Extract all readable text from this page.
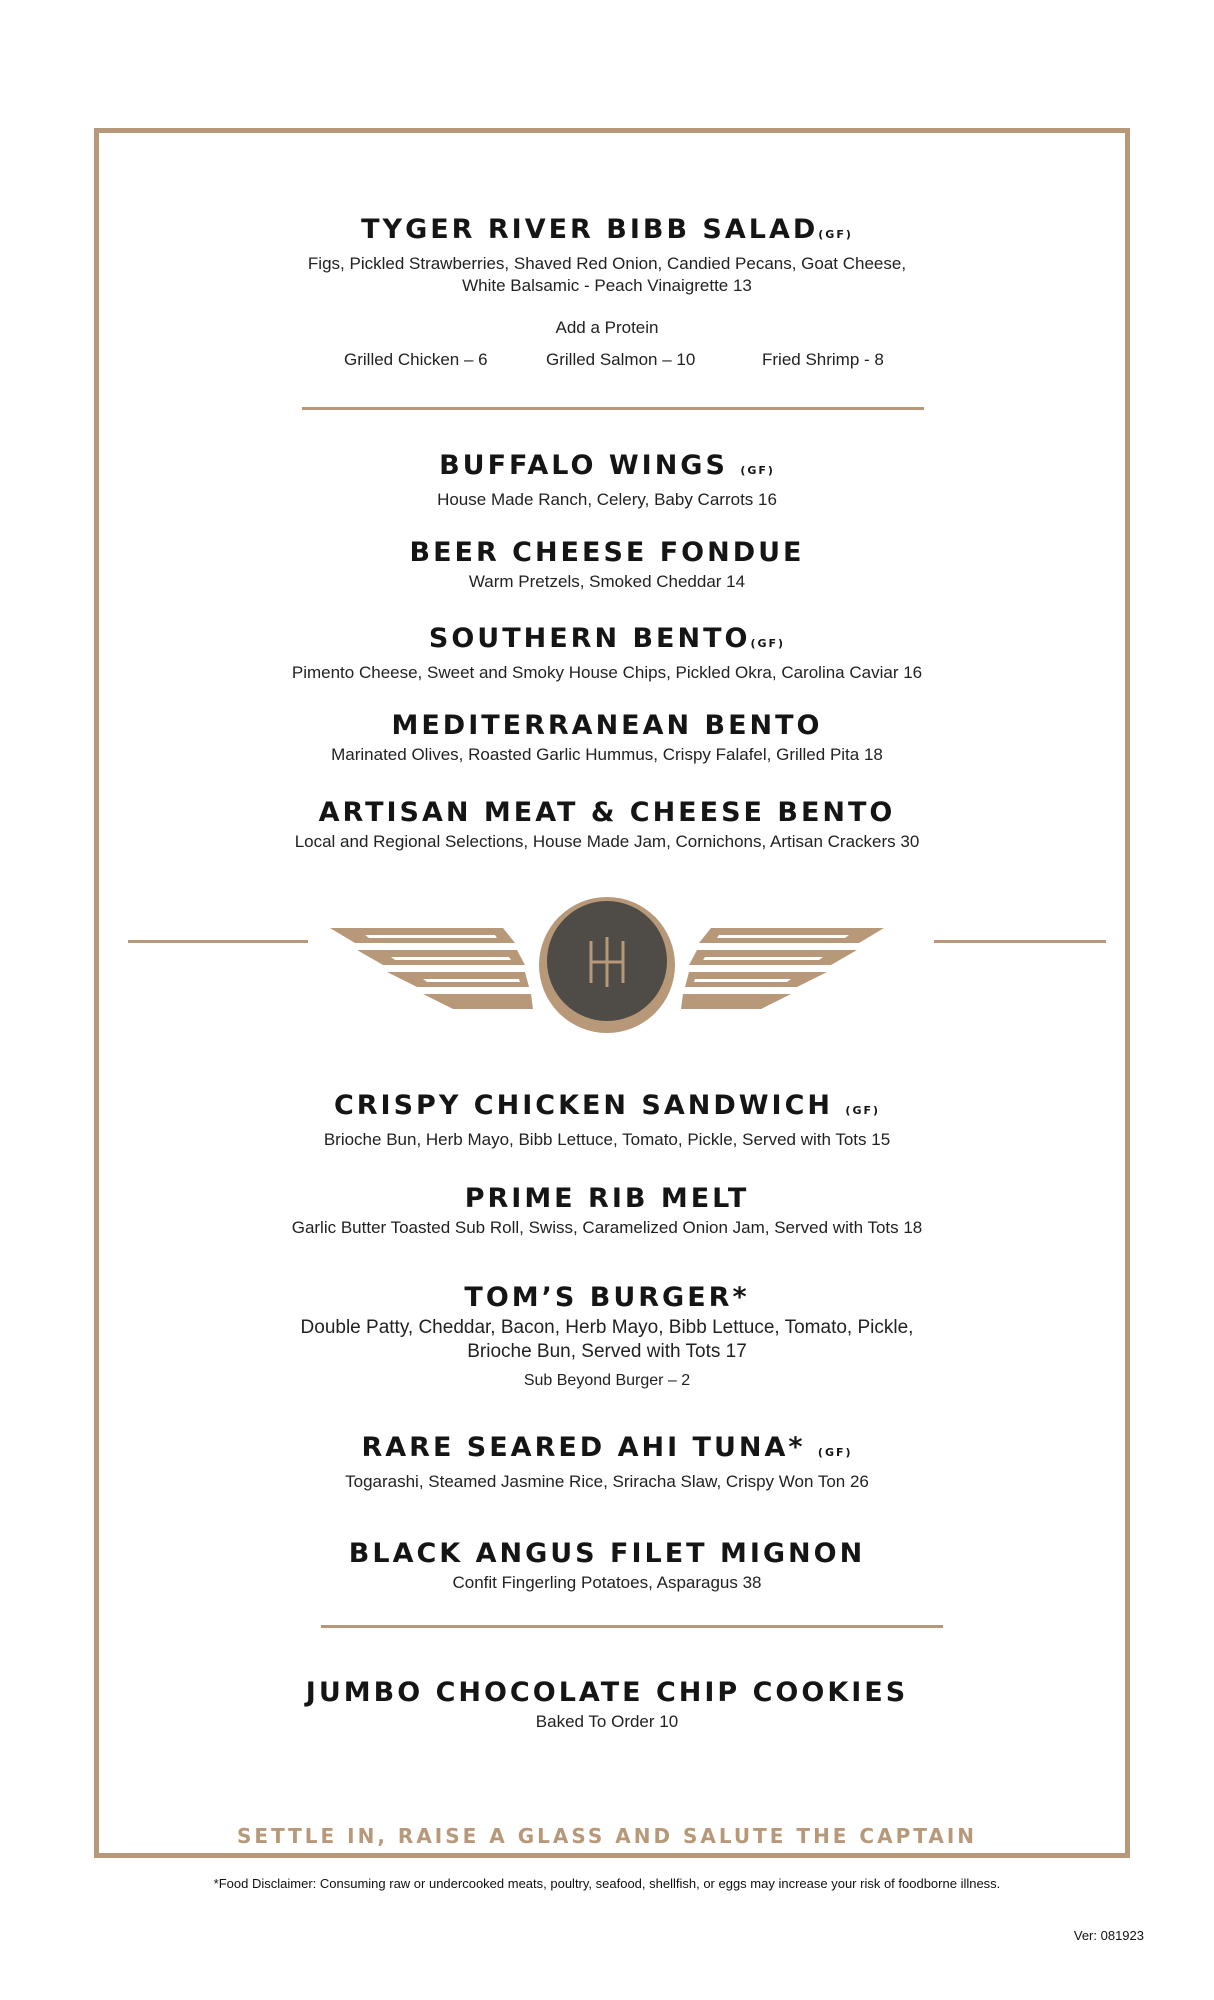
TYGER RIVER BIBB SALAD(GF)
Figs, Pickled Strawberries, Shaved Red Onion, Candied Pecans, Goat Cheese,
White Balsamic - Peach Vinaigrette 13
Add a Protein
Grilled Chicken – 6	Grilled Salmon – 10	Fried Shrimp - 8
BUFFALO WINGS (GF)
House Made Ranch, Celery, Baby Carrots 16
BEER CHEESE FONDUE
Warm Pretzels, Smoked Cheddar 14
SOUTHERN BENTO(GF)
Pimento Cheese, Sweet and Smoky House Chips, Pickled Okra, Carolina Caviar 16
MEDITERRANEAN BENTO
Marinated Olives, Roasted Garlic Hummus, Crispy Falafel, Grilled Pita 18
ARTISAN MEAT & CHEESE BENTO
Local and Regional Selections, House Made Jam, Cornichons, Artisan Crackers 30
CAPTAIN
CRISPY CHICKEN SANDWICH (GF)
Brioche Bun, Herb Mayo, Bibb Lettuce, Tomato, Pickle, Served with Tots 15
PRIME RIB MELT
Garlic Butter Toasted Sub Roll, Swiss, Caramelized Onion Jam, Served with Tots 18
TOM’S BURGER*
Double Patty, Cheddar, Bacon, Herb Mayo, Bibb Lettuce, Tomato, Pickle,
Brioche Bun, Served with Tots 17
Sub Beyond Burger – 2
RARE SEARED AHI TUNA* (GF)
Togarashi, Steamed Jasmine Rice, Sriracha Slaw, Crispy Won Ton 26
BLACK ANGUS FILET MIGNON
Confit Fingerling Potatoes, Asparagus 38
JUMBO CHOCOLATE CHIP COOKIES
Baked To Order 10
SETTLE IN, RAISE A GLASS AND SALUTE THE CAPTAIN
*Food Disclaimer: Consuming raw or undercooked meats, poultry, seafood, shellfish, or eggs may increase your risk of foodborne illness.
Ver: 081923
